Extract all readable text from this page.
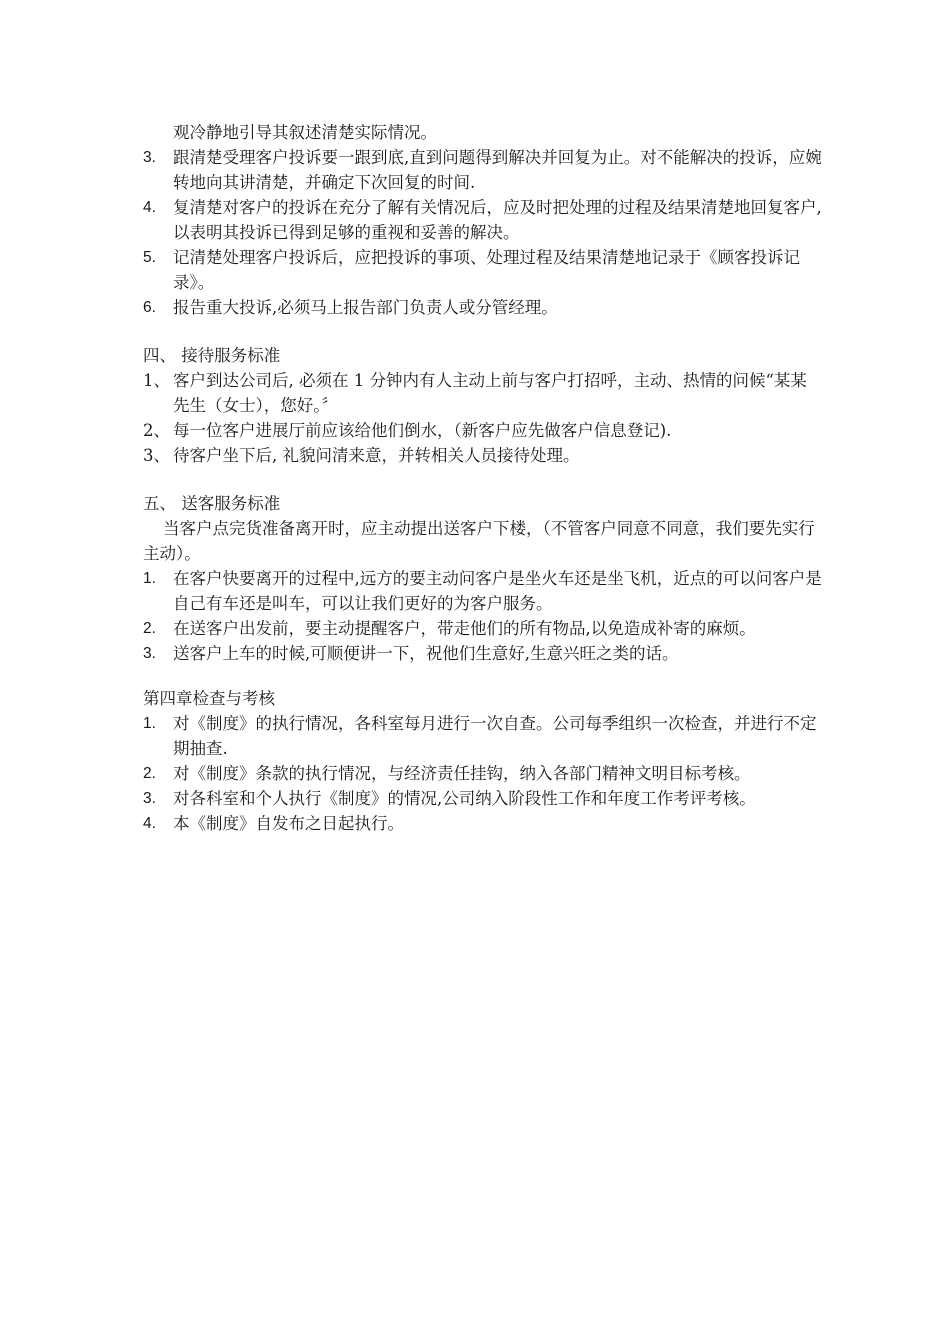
观冷静地引导其叙述清楚实际情况。
3.	跟清楚受理客户投诉要一跟到底,直到问题得到解决并回复为止。对不能解决的投诉，应婉转地向其讲清楚，并确定下次回复的时间.
4.	复清楚对客户的投诉在充分了解有关情况后，应及时把处理的过程及结果清楚地回复客户,以表明其投诉已得到足够的重视和妥善的解决。
5.	记清楚处理客户投诉后，应把投诉的事项、处理过程及结果清楚地记录于《顾客投诉记录》。
6.	报告重大投诉,必须马上报告部门负责人或分管经理。
四、 接待服务标准
1、 客户到达公司后, 必须在 1 分钟内有人主动上前与客户打招呼，主动、热情的问候“某某先生（女士），您好。〞
2、 每一位客户进展厅前应该给他们倒水，（新客户应先做客户信息登记).
3、 待客户坐下后, 礼貌问清来意，并转相关人员接待处理。
五、 送客服务标准
当客户点完货准备离开时，应主动提出送客户下楼，（不管客户同意不同意，我们要先实行主动）。
1.	在客户快要离开的过程中,远方的要主动问客户是坐火车还是坐飞机，近点的可以问客户是自己有车还是叫车，可以让我们更好的为客户服务。
2.	在送客户出发前，要主动提醒客户，带走他们的所有物品,以免造成补寄的麻烦。
3.	送客户上车的时候,可顺便讲一下，祝他们生意好,生意兴旺之类的话。
第四章检查与考核
1.	对《制度》的执行情况，各科室每月进行一次自查。公司每季组织一次检查，并进行不定期抽查.
2.	对《制度》条款的执行情况，与经济责任挂钩，纳入各部门精神文明目标考核。
3.	对各科室和个人执行《制度》的情况,公司纳入阶段性工作和年度工作考评考核。
4.	本《制度》自发布之日起执行。
